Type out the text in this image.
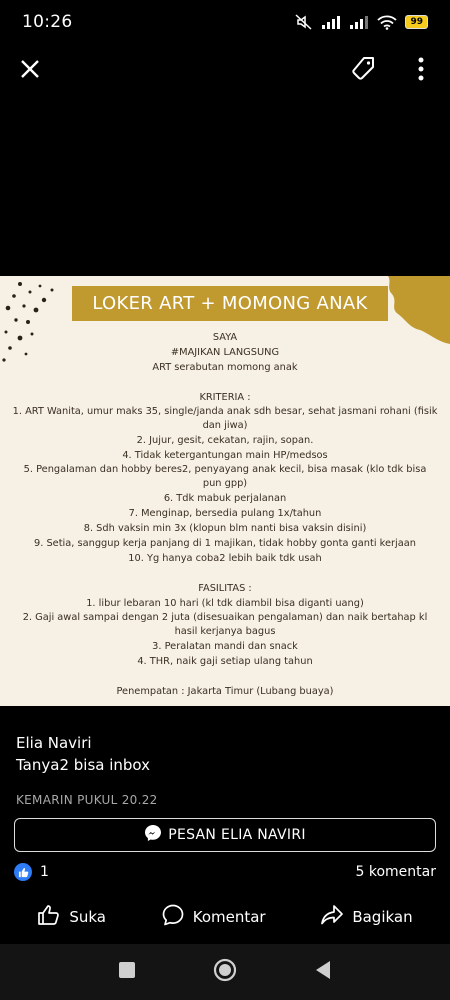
10:26	99
LOKER ART + MOMONG ANAK
SAYA
#MAJIKAN LANGSUNG
ART serabutan momong anak
KRITERIA :
1. ART Wanita, umur maks 35, single/janda anak sdh besar, sehat jasmani rohani (fisik dan jiwa)
2. Jujur, gesit, cekatan, rajin, sopan.
4. Tidak ketergantungan main HP/medsos
5. Pengalaman dan hobby beres2, penyayang anak kecil, bisa masak (klo tdk bisa pun gpp)
6. Tdk mabuk perjalanan
7. Menginap, bersedia pulang 1x/tahun
8. Sdh vaksin min 3x (klopun blm nanti bisa vaksin disini)
9. Setia, sanggup kerja panjang di 1 majikan, tidak hobby gonta ganti kerjaan
10. Yg hanya coba2 lebih baik tdk usah
FASILITAS :
1. libur lebaran 10 hari (kl tdk diambil bisa diganti uang)
2. Gaji awal sampai dengan 2 juta (disesuaikan pengalaman) dan naik bertahap kl hasil kerjanya bagus
3. Peralatan mandi dan snack
4. THR, naik gaji setiap ulang tahun
Penempatan : Jakarta Timur (Lubang buaya)
Elia Naviri
Tanya2 bisa inbox
KEMARIN PUKUL 20.22
PESAN ELIA NAVIRI
1	5 komentar
Suka	Komentar	Bagikan
